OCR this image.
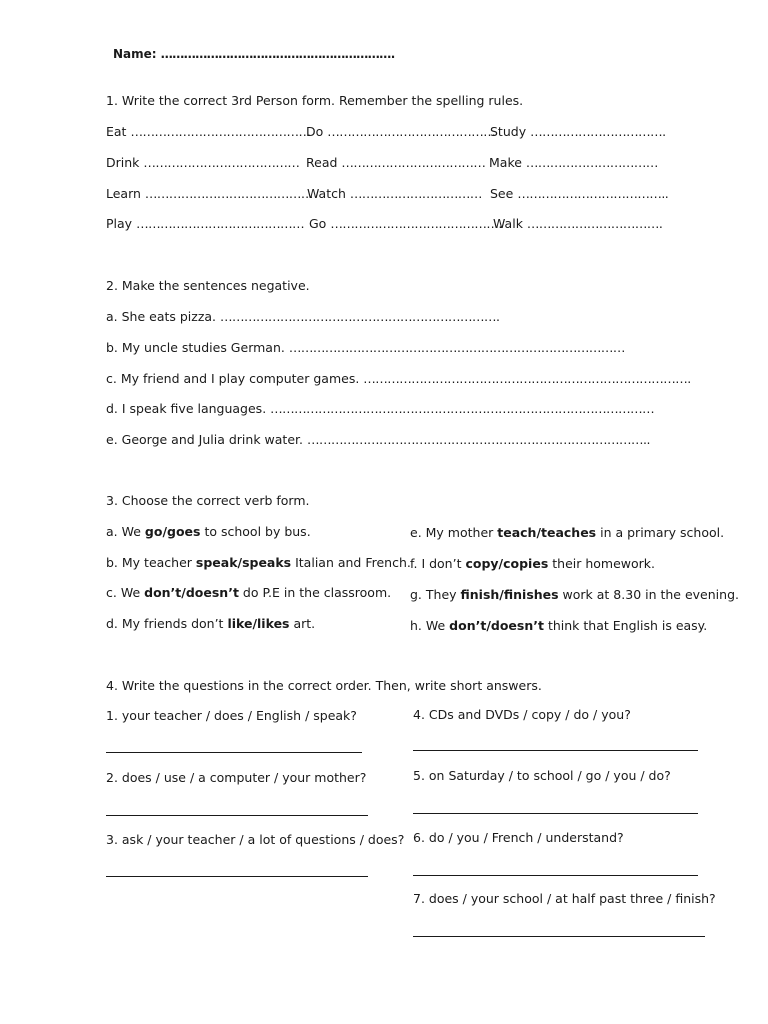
Name: …………………………………………………….
1. Write the correct 3rd Person form. Remember the spelling rules.
Eat ………………………………………
Do ……………………………………
Study …………………………….
Drink ………………………………… Read ……………………………… Make ……………………………
Learn ……………………………………
Watch …………………………… See ………………………………..
Play …………………………………… Go …………………………………….
Walk …………………………….
2. Make the sentences negative.
a. She eats pizza. …………………………………………………………….
b. My uncle studies German. …………………………………………………………………………
c. My friend and I play computer games. ……………………………………………………………………….
d. I speak five languages. ……………………………………………………………………………………
e. George and Julia drink water. …………………………………………………………………………..
3. Choose the correct verb form.
a. We go/goes to school by bus.
b. My teacher speak/speaks Italian and French.
c. We don’t/doesn’t do P.E in the classroom.
d. My friends don’t like/likes art.
e. My mother teach/teaches in a primary school.
f. I don’t copy/copies their homework.
g. They finish/finishes work at 8.30 in the evening.
h. We don’t/doesn’t think that English is easy.
4. Write the questions in the correct order. Then, write short answers.
1. your teacher / does / English / speak?
2. does / use / a computer / your mother?
3. ask / your teacher / a lot of questions / does?
4. CDs and DVDs / copy / do / you?
5. on Saturday / to school / go / you / do?
6. do / you / French / understand?
7. does / your school / at half past three / finish?
